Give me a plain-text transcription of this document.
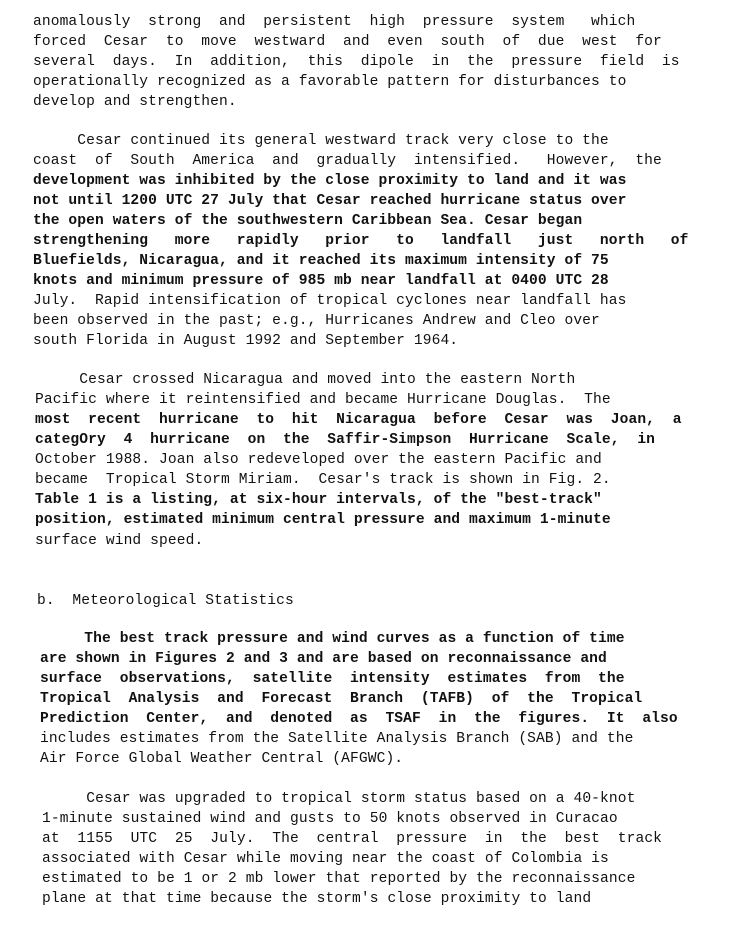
anomalously  strong  and  persistent  high  pressure  system   which
forced  Cesar  to  move  westward  and  even  south  of  due  west  for
several  days.  In  addition,  this  dipole  in  the  pressure  field  is
operationally recognized as a favorable pattern for disturbances to
develop and strengthen.
Cesar continued its general westward track very close to the
coast  of  South  America  and  gradually  intensified.   However,  the
development was inhibited by the close proximity to land and it was
not until 1200 UTC 27 July that Cesar reached hurricane status over
the open waters of the southwestern Caribbean Sea. Cesar began
strengthening   more   rapidly   prior   to   landfall   just   north   of
Bluefields, Nicaragua, and it reached its maximum intensity of 75
knots and minimum pressure of 985 mb near landfall at 0400 UTC 28
July.  Rapid intensification of tropical cyclones near landfall has
been observed in the past; e.g., Hurricanes Andrew and Cleo over
south Florida in August 1992 and September 1964.
Cesar crossed Nicaragua and moved into the eastern North
Pacific where it reintensified and became Hurricane Douglas.  The
most  recent  hurricane  to  hit  Nicaragua  before  Cesar  was  Joan,  a
categOry  4  hurricane  on  the  Saffir-Simpson  Hurricane  Scale,  in
October 1988. Joan also redeveloped over the eastern Pacific and
became  Tropical Storm Miriam.  Cesar's track is shown in Fig. 2.
Table 1 is a listing, at six-hour intervals, of the "best-track"
position, estimated minimum central pressure and maximum 1-minute
surface wind speed.
b.  Meteorological Statistics
The best track pressure and wind curves as a function of time
are shown in Figures 2 and 3 and are based on reconnaissance and
surface  observations,  satellite  intensity  estimates  from  the
Tropical  Analysis  and  Forecast  Branch  (TAFB)  of  the  Tropical
Prediction  Center,  and  denoted  as  TSAF  in  the  figures.  It  also
includes estimates from the Satellite Analysis Branch (SAB) and the
Air Force Global Weather Central (AFGWC).
Cesar was upgraded to tropical storm status based on a 40-knot
1-minute sustained wind and gusts to 50 knots observed in Curacao
at  1155  UTC  25  July.  The  central  pressure  in  the  best  track
associated with Cesar while moving near the coast of Colombia is
estimated to be 1 or 2 mb lower that reported by the reconnaissance
plane at that time because the storm's close proximity to land
